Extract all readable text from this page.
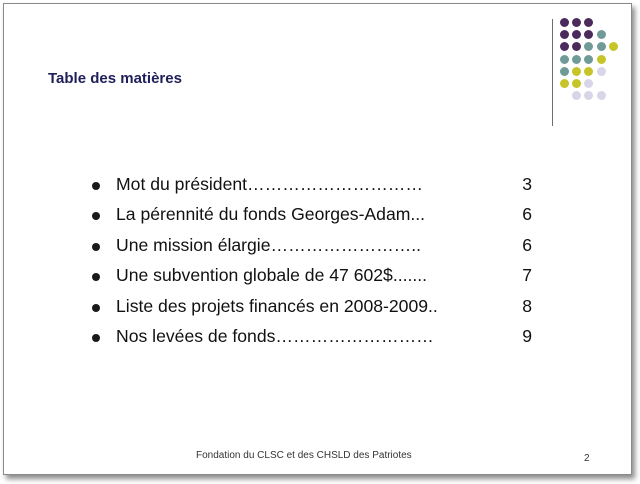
Table des matières
Mot du président…………………………	3
La pérennité du fonds Georges-Adam...	6
Une mission élargie……………………..	6
Une subvention globale de 47 602$.......	7
Liste des projets financés en 2008-2009..	8
Nos levées de fonds………………………	9
Fondation du CLSC et des CHSLD des Patriotes	2
